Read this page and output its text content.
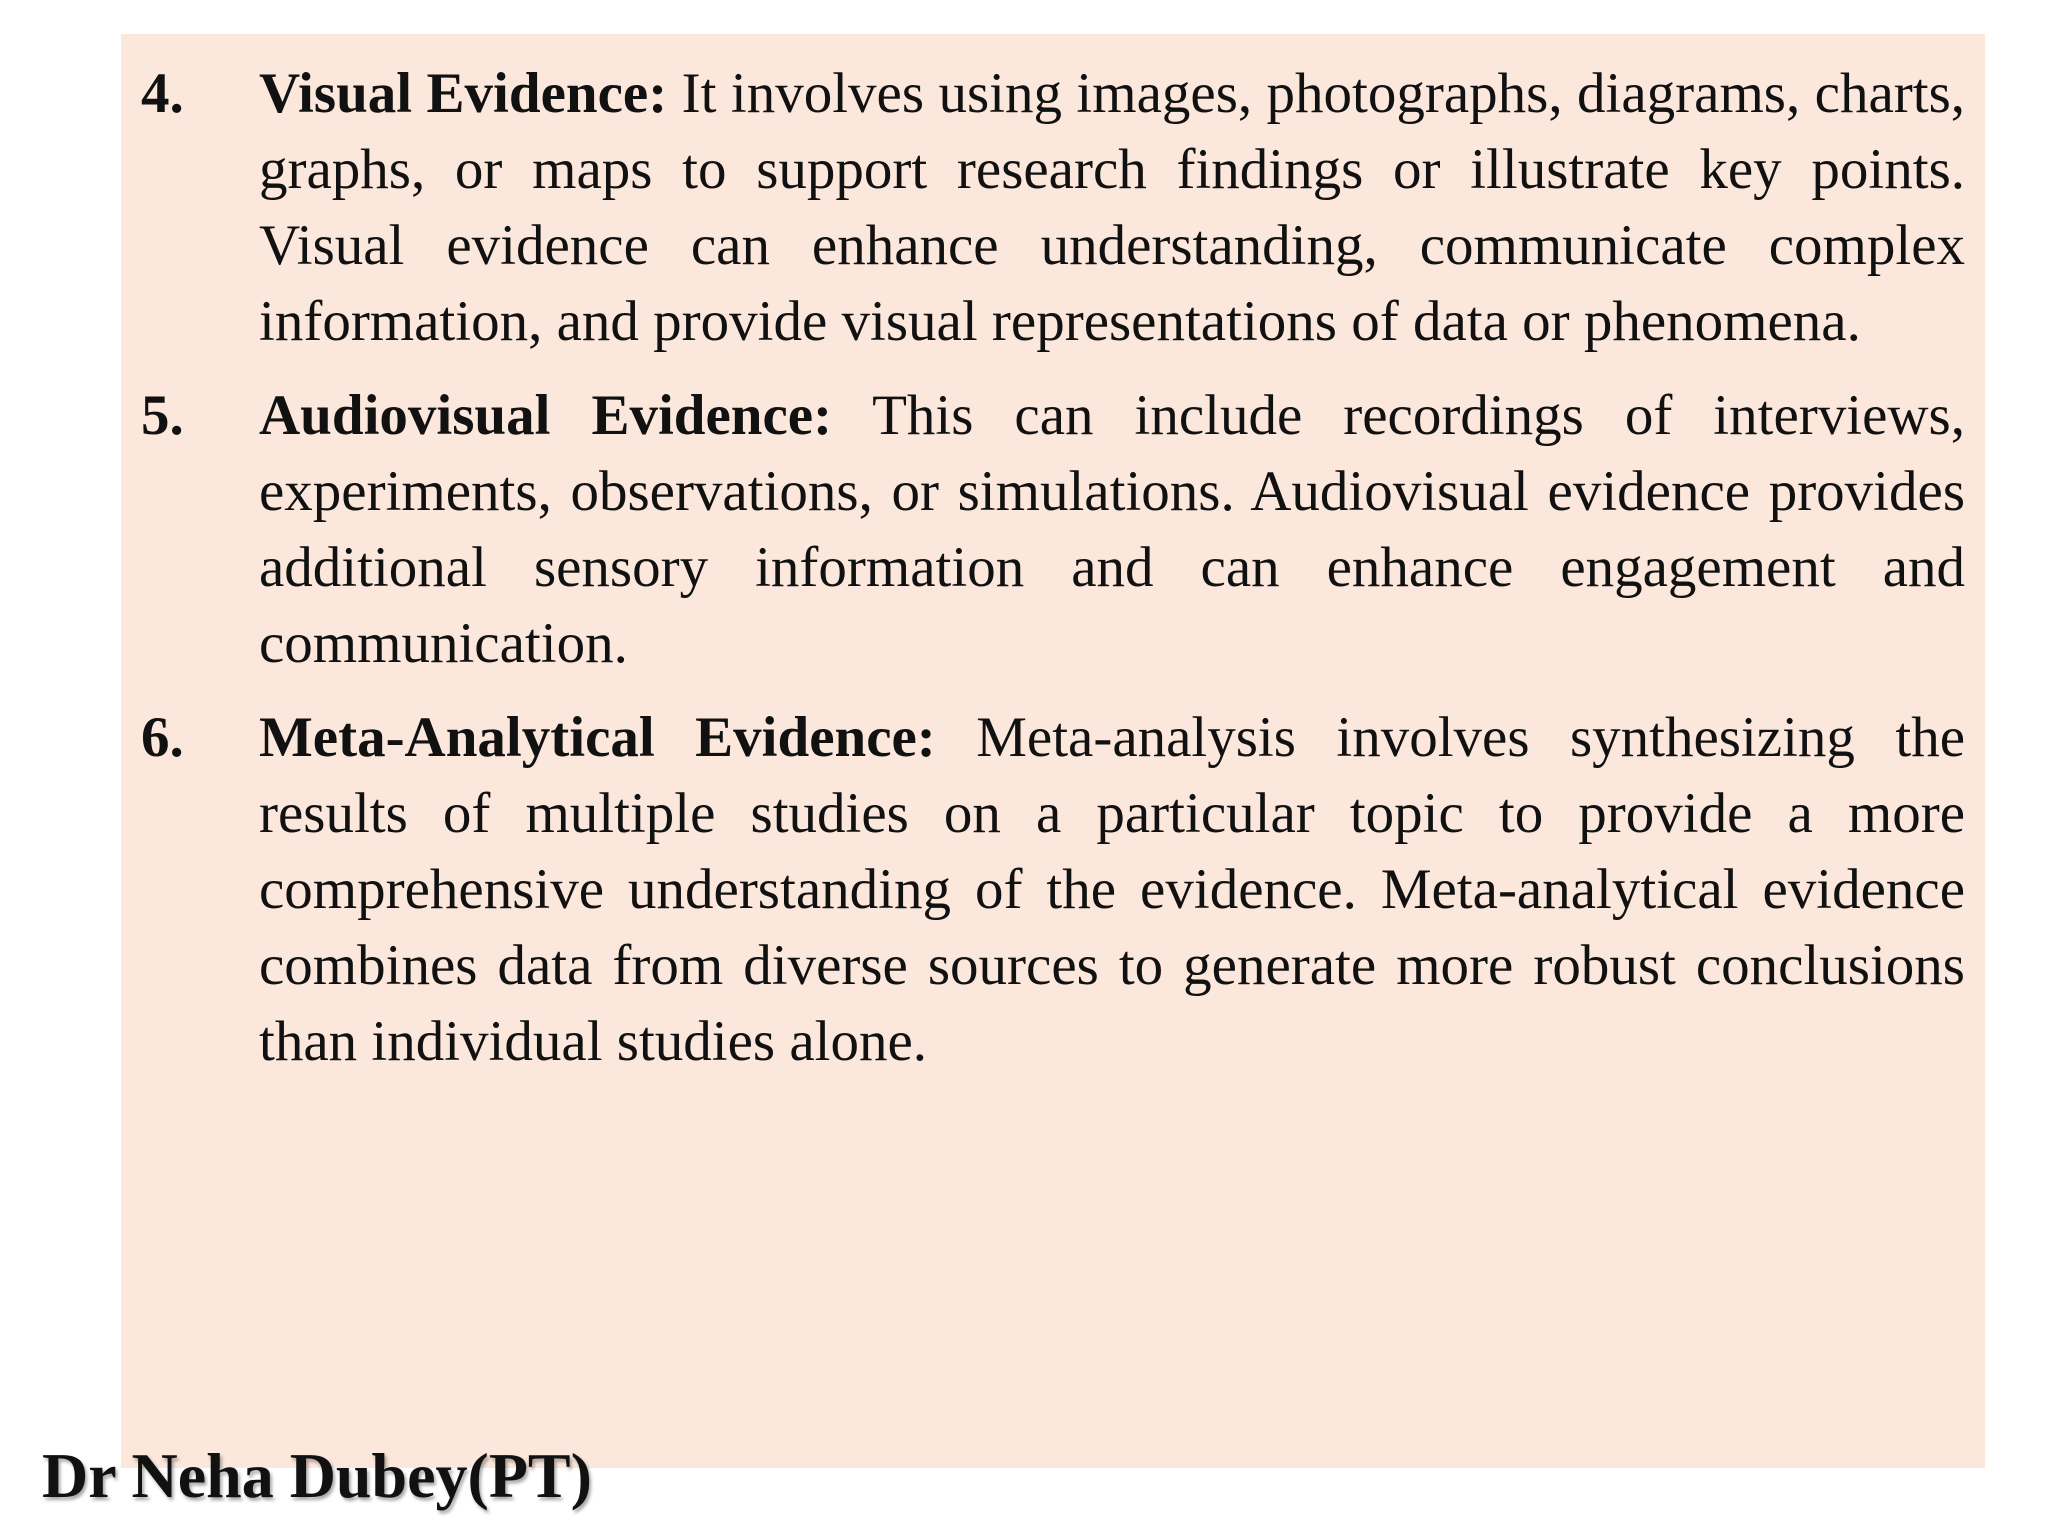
4. Visual Evidence: It involves using images, photographs, diagrams, charts, graphs, or maps to support research findings or illustrate key points. Visual evidence can enhance understanding, communicate complex information, and provide visual representations of data or phenomena.
5. Audiovisual Evidence: This can include recordings of interviews, experiments, observations, or simulations. Audiovisual evidence provides additional sensory information and can enhance engagement and communication.
6. Meta-Analytical Evidence: Meta-analysis involves synthesizing the results of multiple studies on a particular topic to provide a more comprehensive understanding of the evidence. Meta-analytical evidence combines data from diverse sources to generate more robust conclusions than individual studies alone.
Dr Neha Dubey(PT)
